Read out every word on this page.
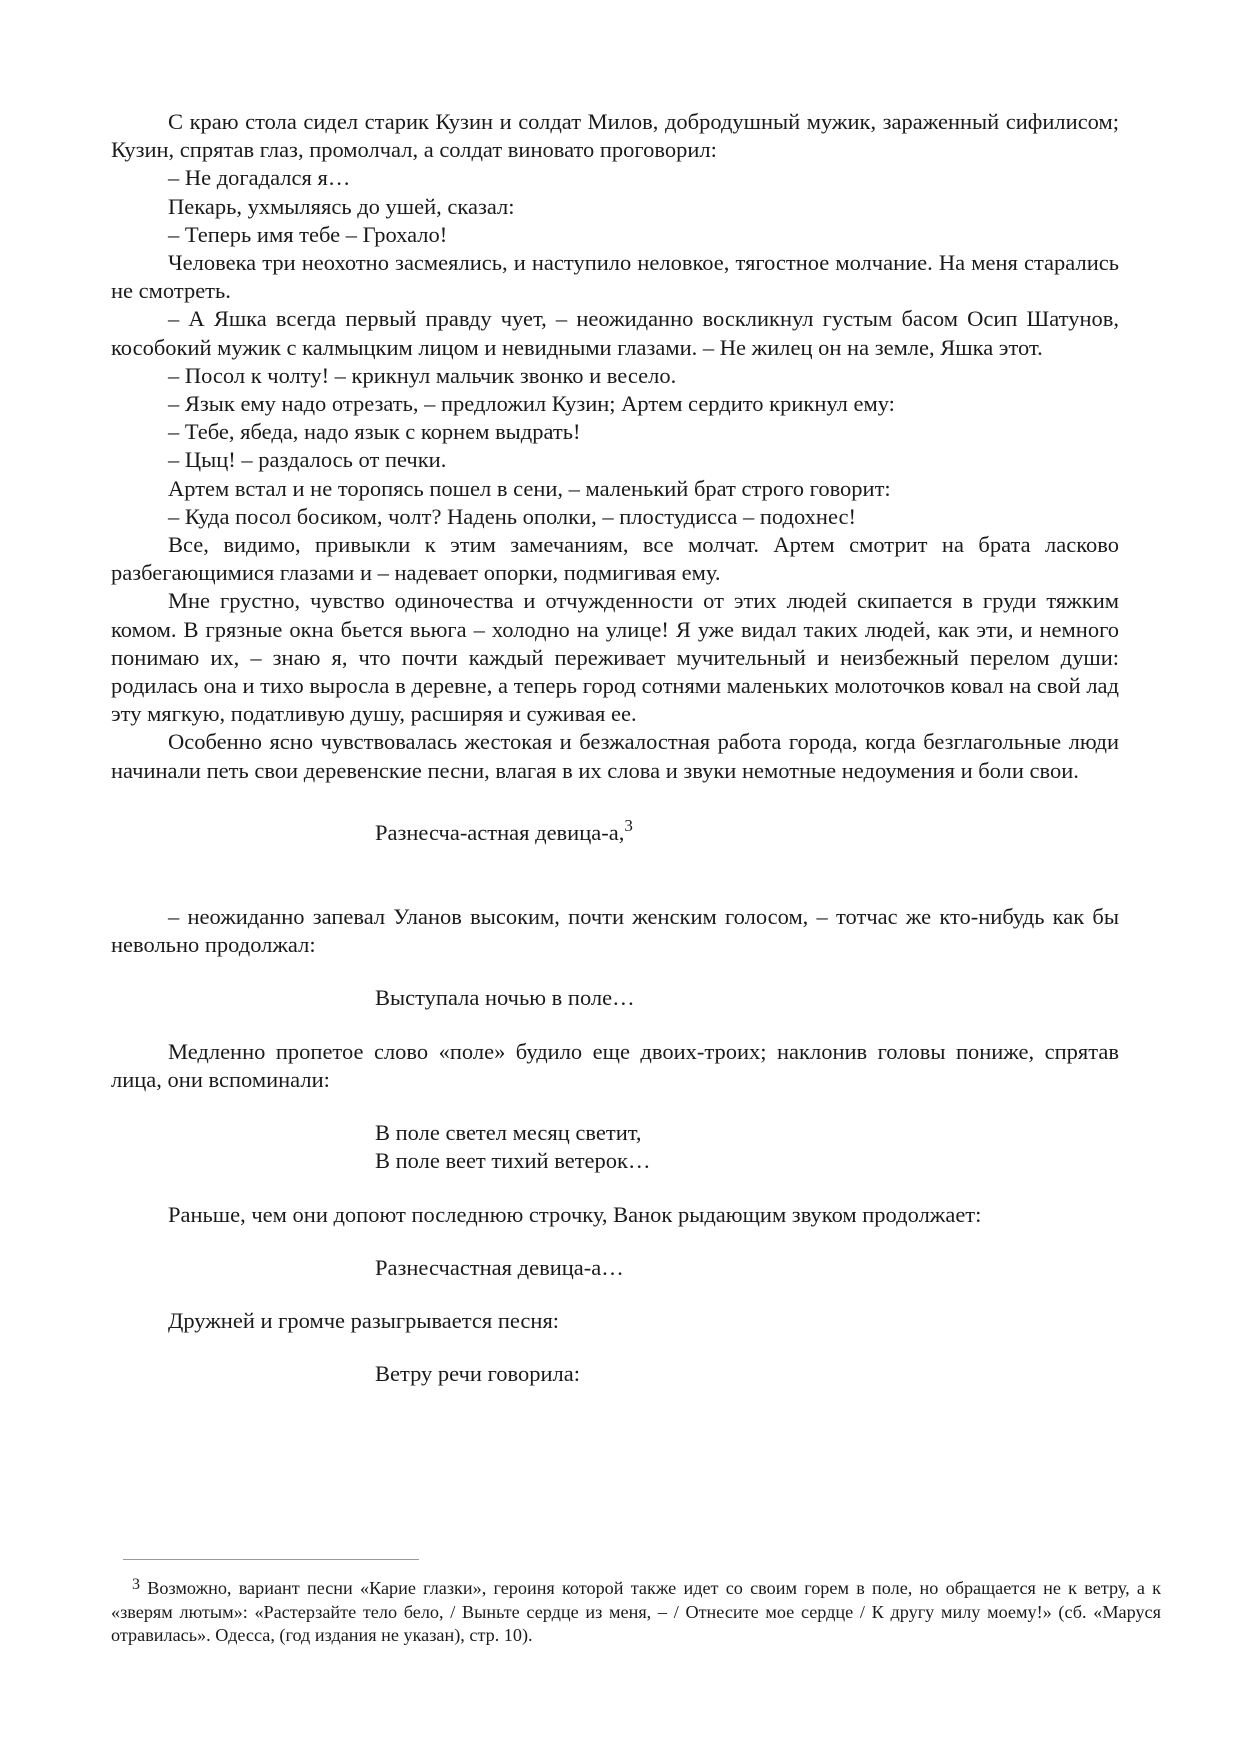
С краю стола сидел старик Кузин и солдат Милов, добродушный мужик, зараженный сифилисом; Кузин, спрятав глаз, промолчал, а солдат виновато проговорил:

– Не догадался я…

Пекарь, ухмыляясь до ушей, сказал:

– Теперь имя тебе – Грохало!

Человека три неохотно засмеялись, и наступило неловкое, тягостное молчание. На меня старались не смотреть.

– А Яшка всегда первый правду чует, – неожиданно воскликнул густым басом Осип Шатунов, кособокий мужик с калмыцким лицом и невидными глазами. – Не жилец он на земле, Яшка этот.

– Посол к чолту! – крикнул мальчик звонко и весело.

– Язык ему надо отрезать, – предложил Кузин; Артем сердито крикнул ему:

– Тебе, ябеда, надо язык с корнем выдрать!

– Цыц! – раздалось от печки.

Артем встал и не торопясь пошел в сени, – маленький брат строго говорит:

– Куда посол босиком, чолт? Надень ополки, – плостудисса – подохнес!

Все, видимо, привыкли к этим замечаниям, все молчат. Артем смотрит на брата ласково разбегающимися глазами и – надевает опорки, подмигивая ему.

Мне грустно, чувство одиночества и отчужденности от этих людей скипается в груди тяжким комом. В грязные окна бьется вьюга – холодно на улице! Я уже видал таких людей, как эти, и немного понимаю их, – знаю я, что почти каждый переживает мучительный и неизбежный перелом души: родилась она и тихо выросла в деревне, а теперь город сотнями маленьких молоточков ковал на свой лад эту мягкую, податливую душу, расширяя и суживая ее.

Особенно ясно чувствовалась жестокая и безжалостная работа города, когда безглагольные люди начинали петь свои деревенские песни, влагая в их слова и звуки немотные недоумения и боли свои.

Разнесча-астная девица-а,$^3$

– неожиданно запевал Уланов высоким, почти женским голосом, – тотчас же кто-нибудь как бы невольно продолжал:

Выступала ночью в поле…

Медленно пропетое слово «поле» будило еще двоих-троих; наклонив головы пониже, спрятав лица, они вспоминали:

В поле светел месяц светит,
В поле веет тихий ветерок…

Раньше, чем они допоют последнюю строчку, Ванок рыдающим звуком продолжает:

Разнесчастная девица-а…

Дружней и громче разыгрывается песня:

Ветру речи говорила:

$^3$ Возможно, вариант песни «Карие глазки», героиня которой также идет со своим горем в поле, но обращается не к ветру, а к «зверям лютым»: «Растерзайте тело бело, / Выньте сердце из меня, – / Отнесите мое сердце / К другу милу моему!» (сб. «Маруся отравилась». Одесса, (год издания не указан), стр. 10).
